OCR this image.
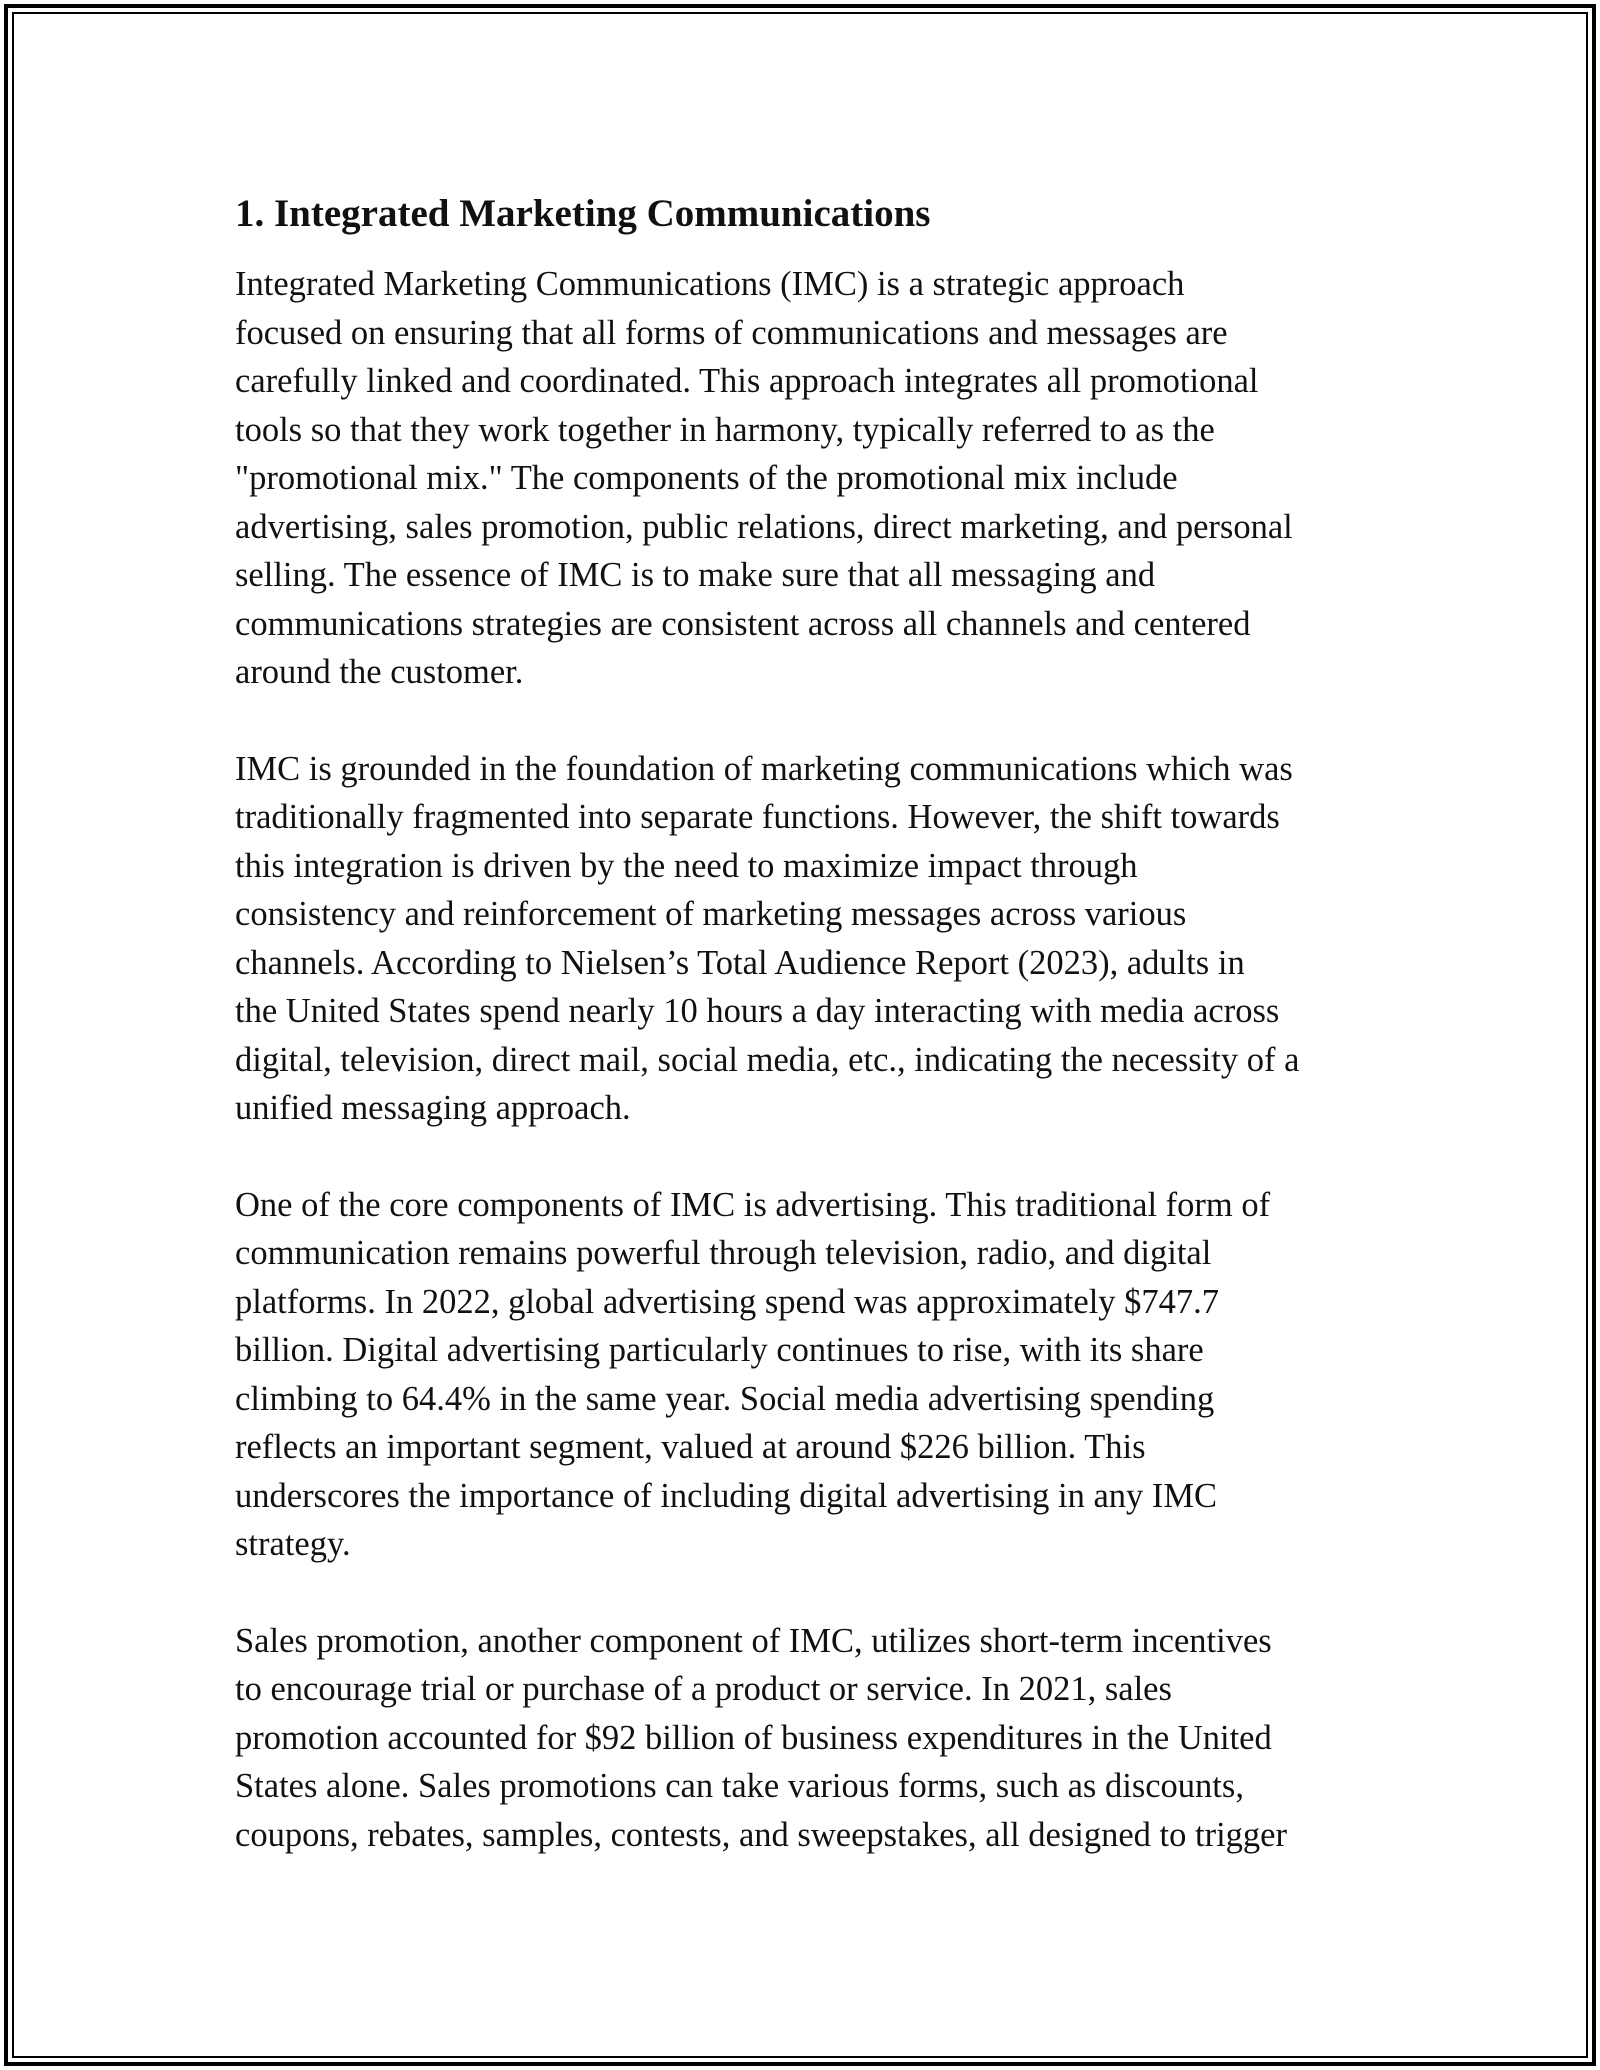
1. Integrated Marketing Communications

Integrated Marketing Communications (IMC) is a strategic approach
focused on ensuring that all forms of communications and messages are
carefully linked and coordinated. This approach integrates all promotional
tools so that they work together in harmony, typically referred to as the
"promotional mix." The components of the promotional mix include
advertising, sales promotion, public relations, direct marketing, and personal
selling. The essence of IMC is to make sure that all messaging and
communications strategies are consistent across all channels and centered
around the customer.

IMC is grounded in the foundation of marketing communications which was
traditionally fragmented into separate functions. However, the shift towards
this integration is driven by the need to maximize impact through
consistency and reinforcement of marketing messages across various
channels. According to Nielsen’s Total Audience Report (2023), adults in
the United States spend nearly 10 hours a day interacting with media across
digital, television, direct mail, social media, etc., indicating the necessity of a
unified messaging approach.

One of the core components of IMC is advertising. This traditional form of
communication remains powerful through television, radio, and digital
platforms. In 2022, global advertising spend was approximately $747.7
billion. Digital advertising particularly continues to rise, with its share
climbing to 64.4% in the same year. Social media advertising spending
reflects an important segment, valued at around $226 billion. This
underscores the importance of including digital advertising in any IMC
strategy.

Sales promotion, another component of IMC, utilizes short-term incentives
to encourage trial or purchase of a product or service. In 2021, sales
promotion accounted for $92 billion of business expenditures in the United
States alone. Sales promotions can take various forms, such as discounts,
coupons, rebates, samples, contests, and sweepstakes, all designed to trigger
